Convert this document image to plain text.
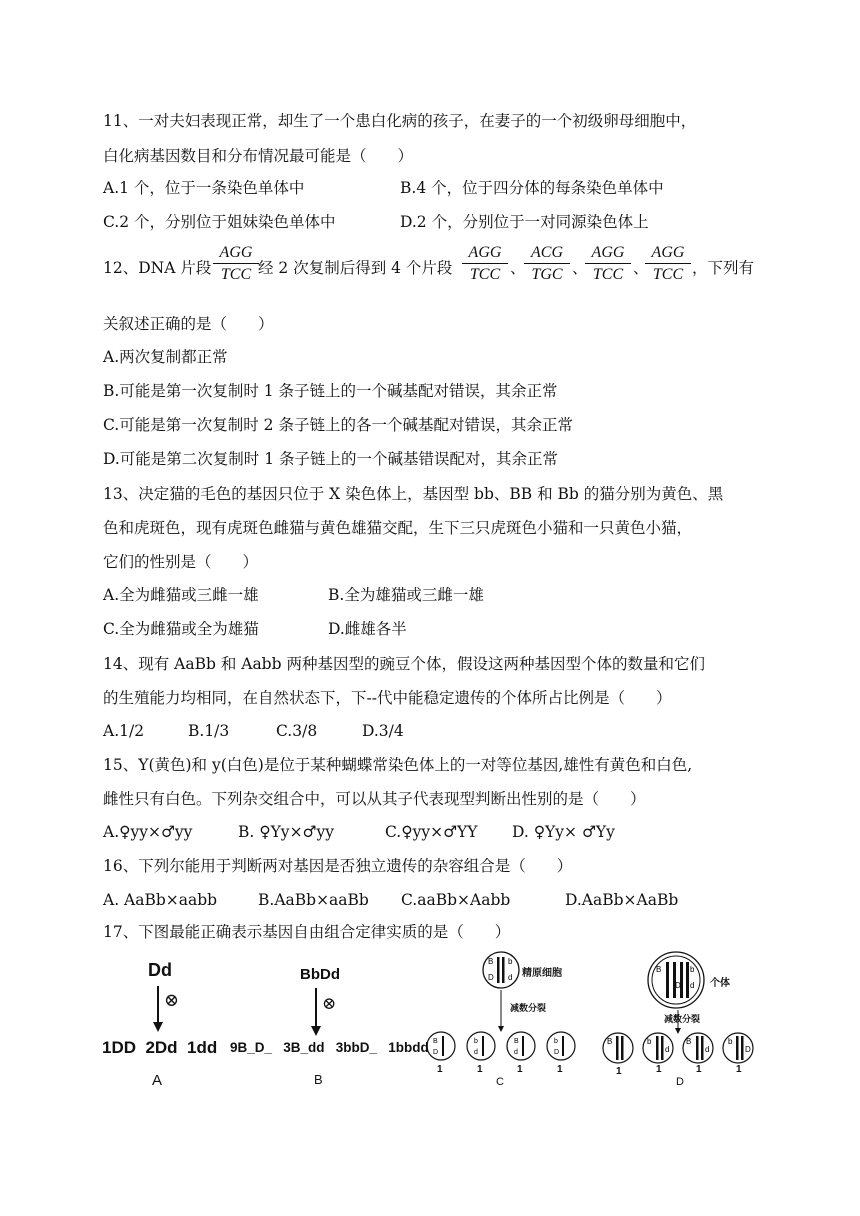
11、一对夫妇表现正常，却生了一个患白化病的孩子，在妻子的一个初级卵母细胞中，
白化病基因数目和分布情况最可能是（　　）
A.1 个，位于一条染色单体中	B.4 个，位于四分体的每条染色单体中
C.2 个，分别位于姐妹染色单体中	D.2 个，分别位于一对同源染色体上
12、DNA 片段
AGG
TCC 经 2 次复制后得到 4 个片段
AGG
TCC 、
ACG
TGC 、
AGG
TCC 、
AGG
TCC ，下列有
关叙述正确的是（　　）
A.两次复制都正常
B.可能是第一次复制时 1 条子链上的一个碱基配对错误，其余正常
C.可能是第一次复制时 2 条子链上的各一个碱基配对错误，其余正常
D.可能是第二次复制时 1 条子链上的一个碱基错误配对，其余正常
13、决定猫的毛色的基因只位于 X 染色体上，基因型 bb、BB 和 Bb 的猫分别为黄色、黑
色和虎斑色，现有虎斑色雌猫与黄色雄猫交配，生下三只虎斑色小猫和一只黄色小猫，
它们的性别是（　　）
A.全为雌猫或三雌一雄	B.全为雄猫或三雌一雄
C.全为雌猫或全为雄猫	D.雌雄各半
14、现有 AaBb 和 Aabb 两种基因型的豌豆个体，假设这两种基因型个体的数量和它们
的生殖能力均相同，在自然状态下，下--代中能稳定遗传的个体所占比例是（　　）
A.1/2	B.1/3	C.3/8	D.3/4
15、Y(黄色)和 y(白色)是位于某种蝴蝶常染色体上的一对等位基因,雄性有黄色和白色,
雌性只有白色。下列杂交组合中，可以从其子代表现型判断出性别的是（　　）
A.♀yy×♂yy	B. ♀Yy×♂yy	C.♀yy×♂YY D. ♀Yy× ♂Yy
16、下列尔能用于判断两对基因是否独立遗传的杂容组合是（　　）
A. AaBb×aabb	B.AaBb×aaBb C.aaBb×Aabb	D.AaBb×AaBb
17、下图最能正确表示基因自由组合定律实质的是（　　）
Dd
⊗
1DD  2Dd  1dd
A
BbDd
⊗
9B_D_   3B_dd   3bbD_   1bbdd
B
B
D
b
d
B
D
b
d
B
d
b
D
精原细胞
减数分裂
1	1	1	1
C
B	b
D d
B	b
d
B
d
b
D
个体
减数分裂
1	1	1	1
D
